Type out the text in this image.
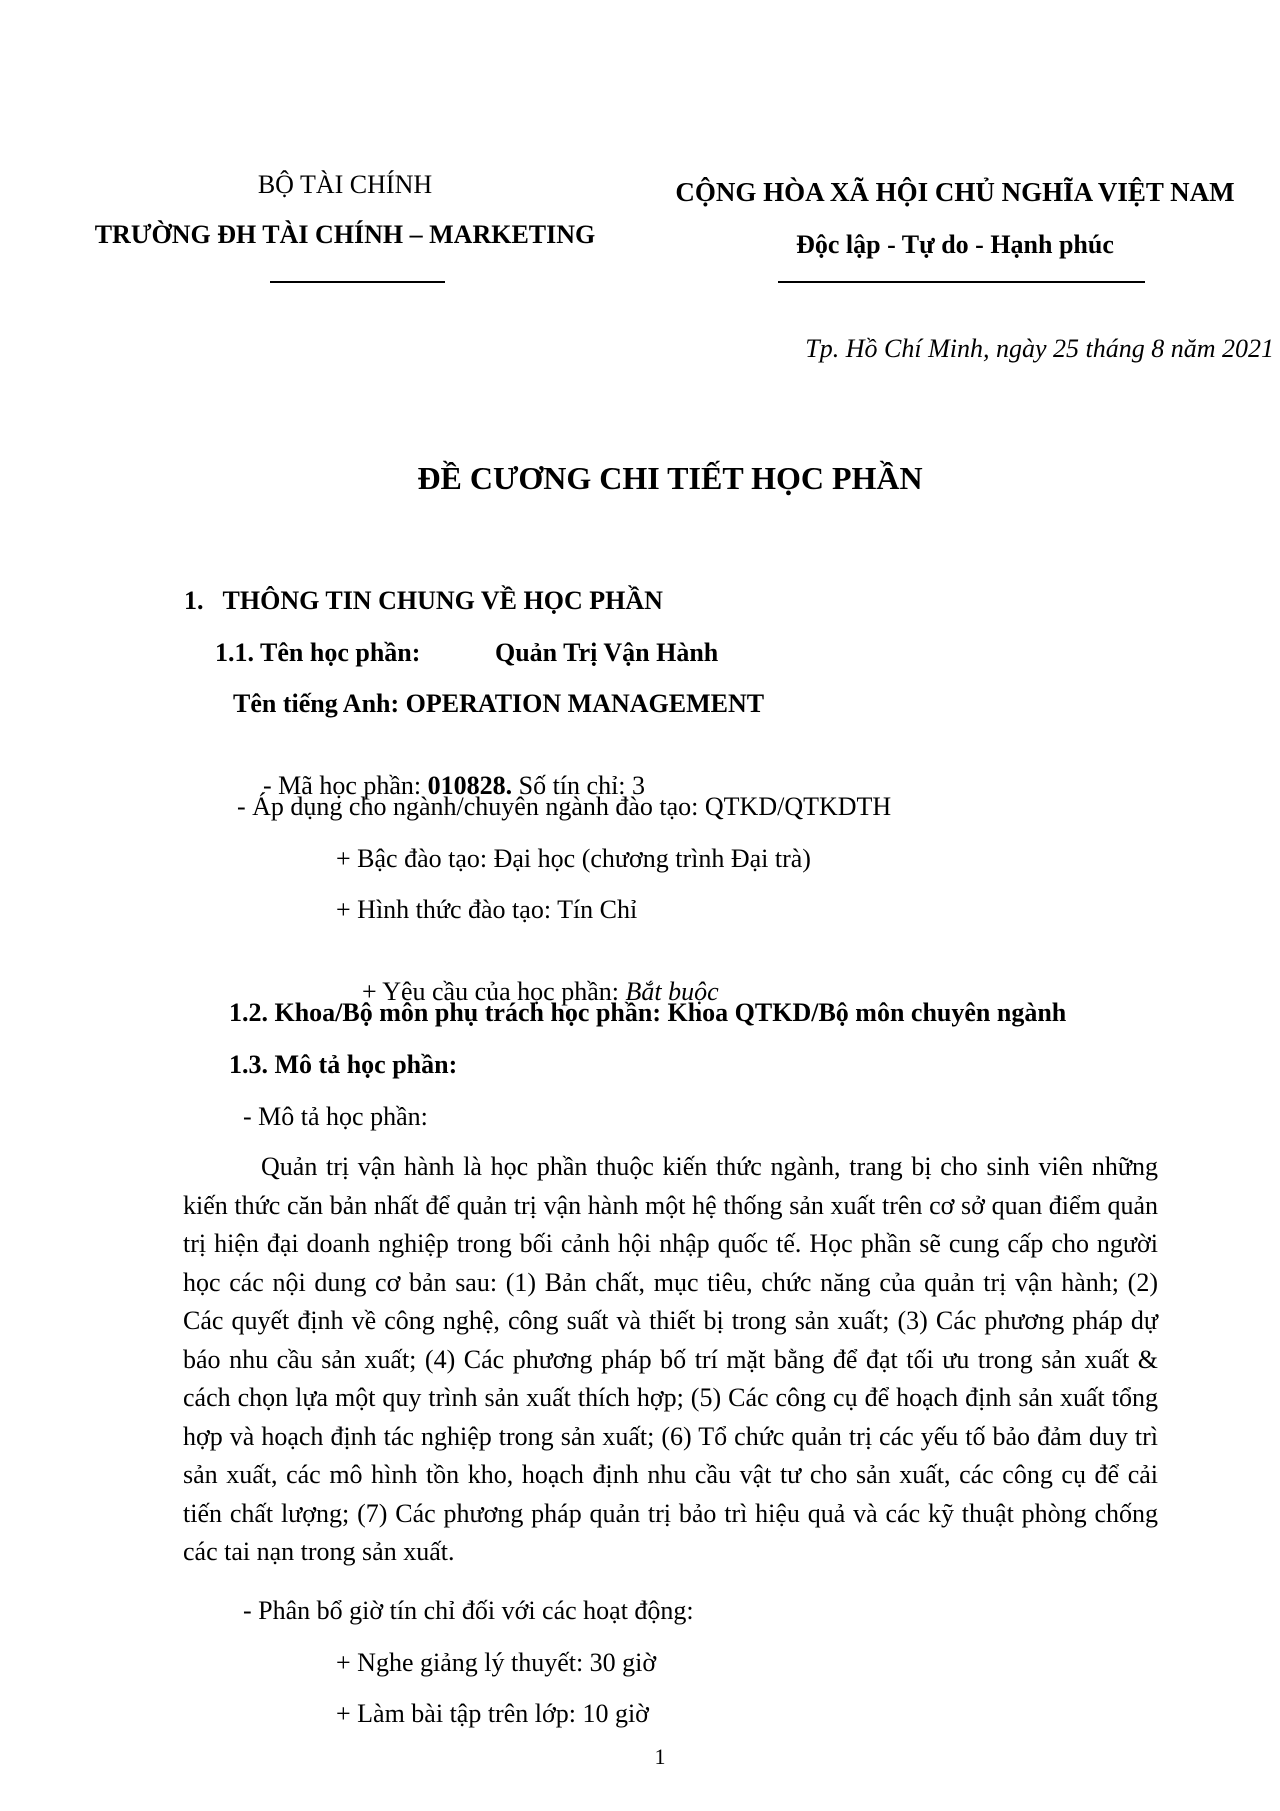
BỘ TÀI CHÍNH
TRƯỜNG ĐH TÀI CHÍNH – MARKETING
CỘNG HÒA XÃ HỘI CHỦ NGHĨA VIỆT NAM
Độc lập - Tự do - Hạnh phúc
Tp. Hồ Chí Minh, ngày 25 tháng 8 năm 2021
ĐỀ CƯƠNG CHI TIẾT HỌC PHẦN
1.   THÔNG TIN CHUNG VỀ HỌC PHẦN
1.1. Tên học phần:	Quản Trị Vận Hành
Tên tiếng Anh: OPERATION MANAGEMENT

- Mã học phần: 010828. Số tín chỉ: 3

- Áp dụng cho ngành/chuyên ngành đào tạo: QTKD/QTKDTH
+ Bậc đào tạo: Đại học (chương trình Đại trà)
+ Hình thức đào tạo: Tín Chỉ

+ Yêu cầu của học phần: Bắt buộc

1.2. Khoa/Bộ môn phụ trách học phần: Khoa QTKD/Bộ môn chuyên ngành
1.3. Mô tả học phần:
- Mô tả học phần:
Quản trị vận hành là học phần thuộc kiến thức ngành, trang bị cho sinh viên những kiến thức căn bản nhất để quản trị vận hành một hệ thống sản xuất trên cơ sở quan điểm quản trị hiện đại doanh nghiệp trong bối cảnh hội nhập quốc tế. Học phần sẽ cung cấp cho người học các nội dung cơ bản sau: (1) Bản chất, mục tiêu, chức năng của quản trị vận hành; (2) Các quyết định về công nghệ, công suất và thiết bị trong sản xuất; (3) Các phương pháp dự báo nhu cầu sản xuất; (4) Các phương pháp bố trí mặt bằng để đạt tối ưu trong sản xuất & cách chọn lựa một quy trình sản xuất thích hợp; (5) Các công cụ để hoạch định sản xuất tổng hợp và hoạch định tác nghiệp trong sản xuất; (6) Tổ chức quản trị các yếu tố bảo đảm duy trì sản xuất, các mô hình tồn kho, hoạch định nhu cầu vật tư cho sản xuất, các công cụ để cải tiến chất lượng; (7) Các phương pháp quản trị bảo trì hiệu quả và các kỹ thuật phòng chống các tai nạn trong sản xuất.
- Phân bổ giờ tín chỉ đối với các hoạt động:
+ Nghe giảng lý thuyết: 30 giờ
+ Làm bài tập trên lớp: 10 giờ
1
